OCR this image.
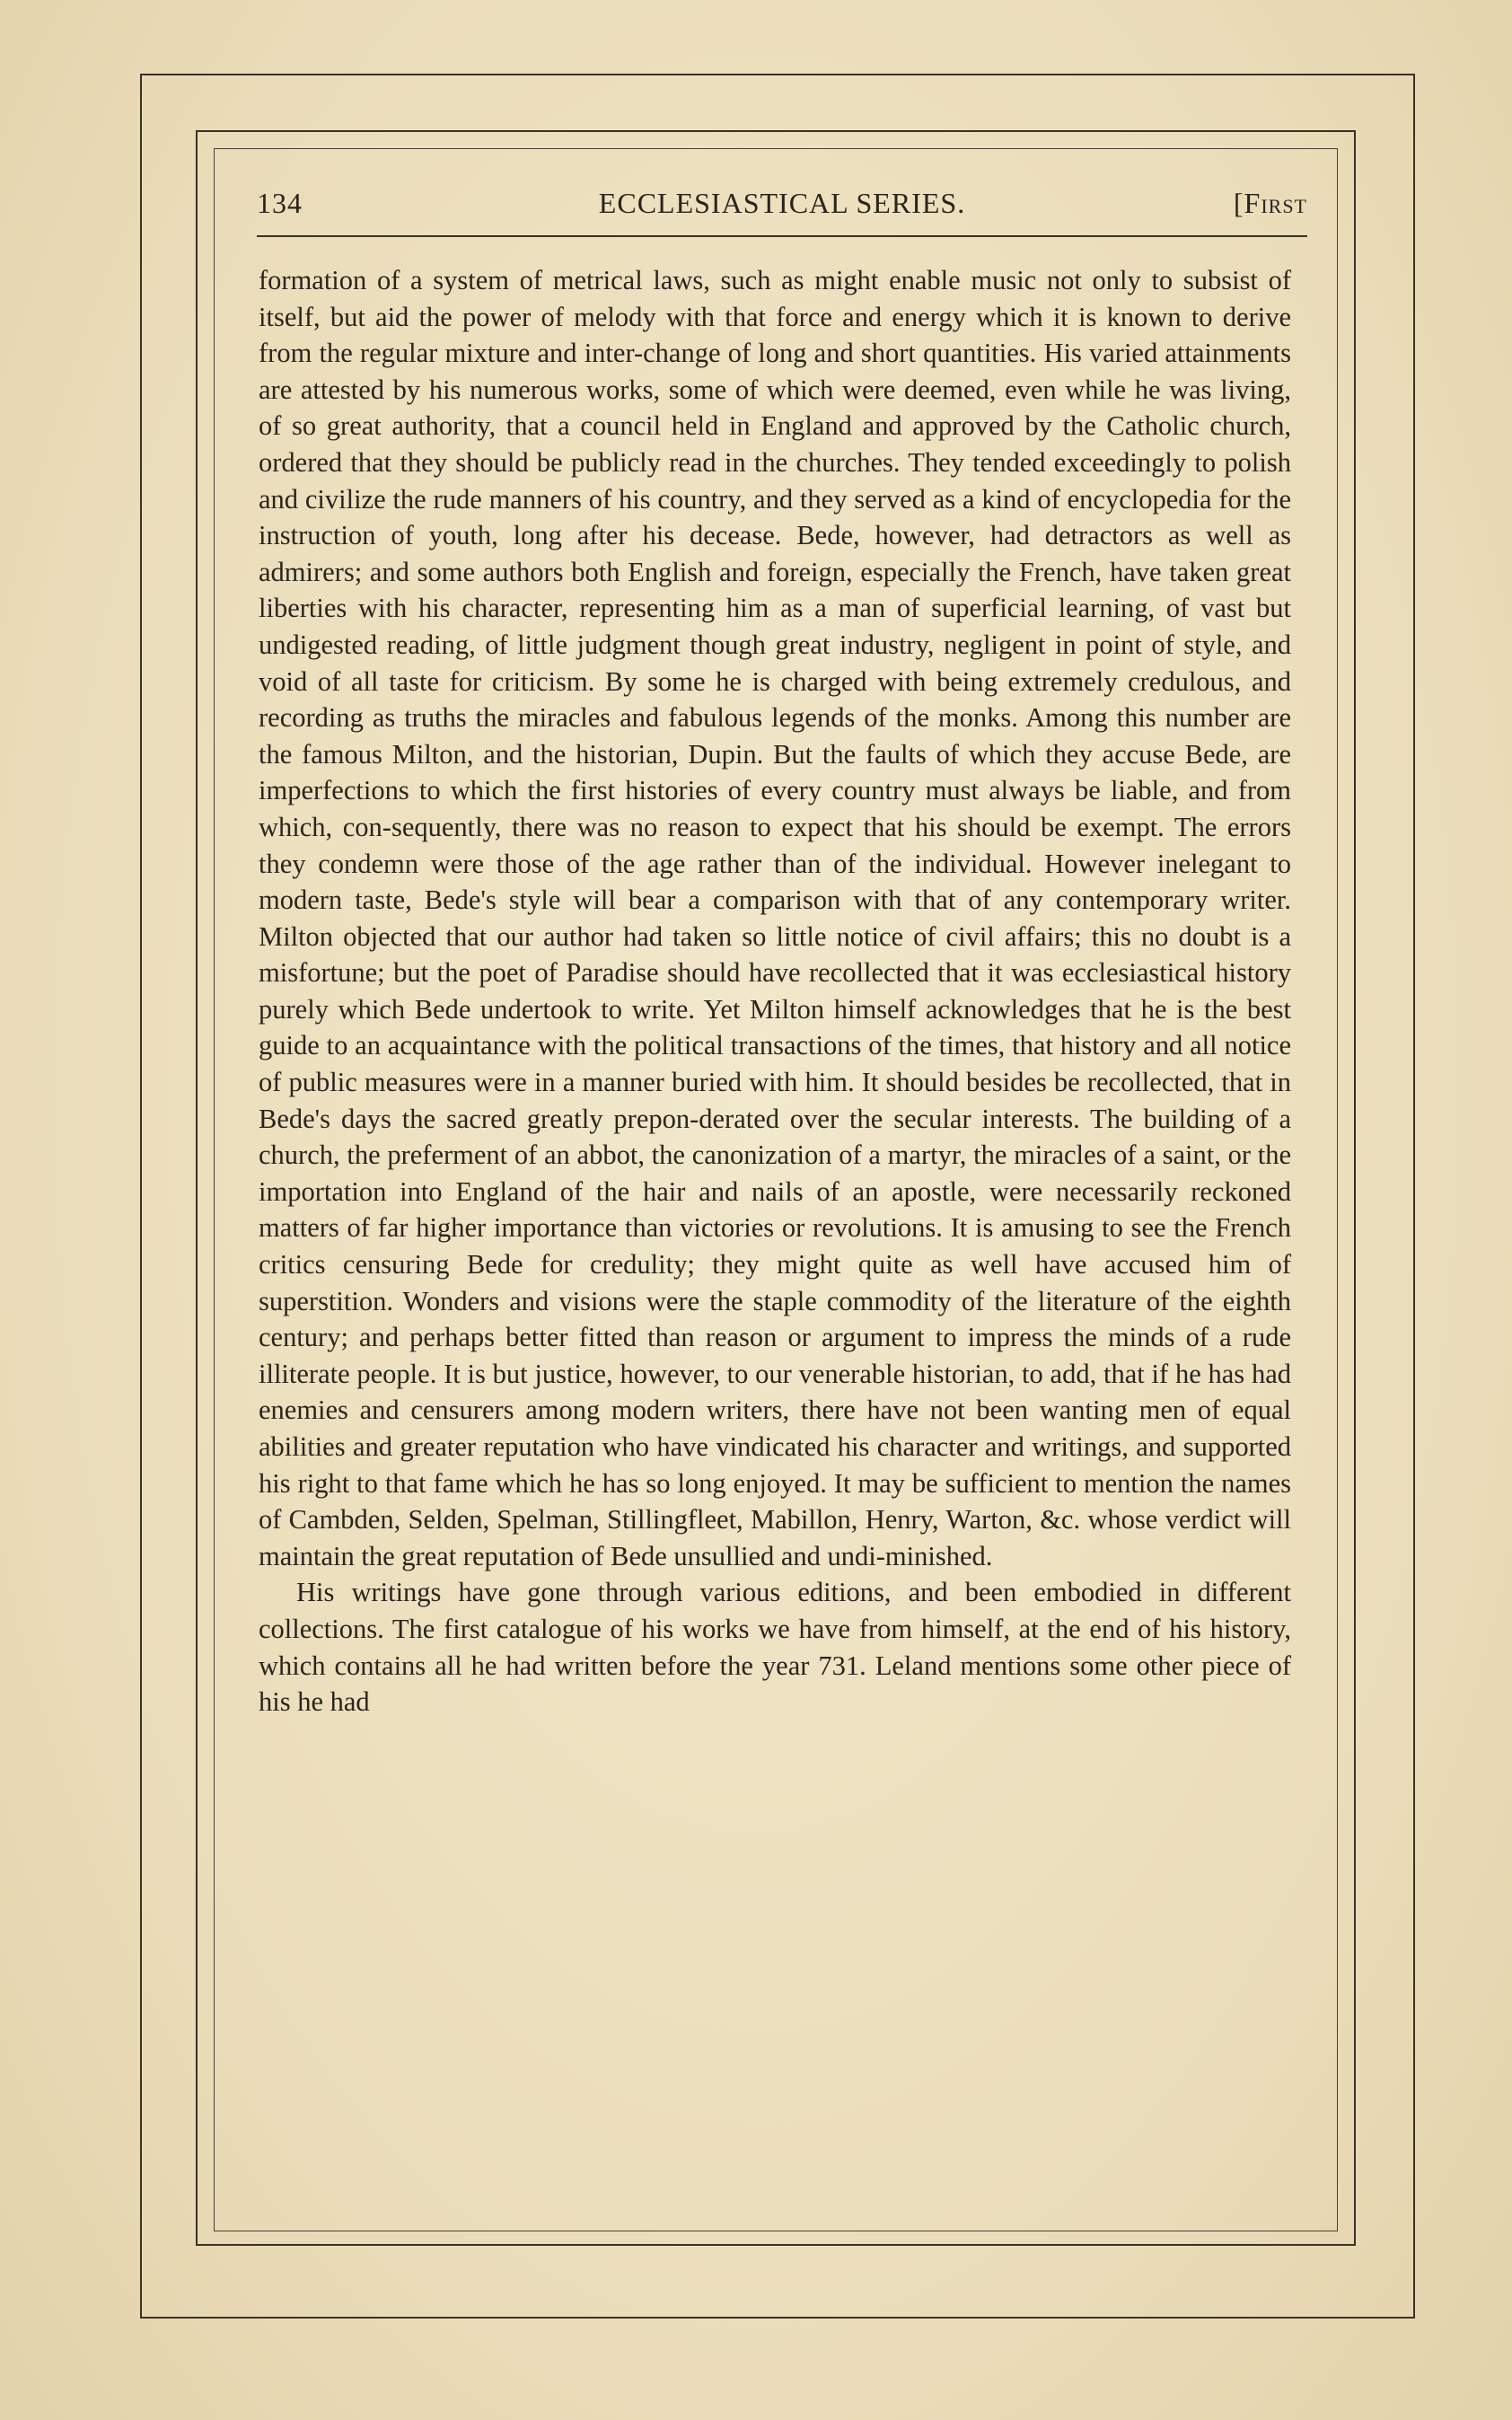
134	ECCLESIASTICAL SERIES.	[First

formation of a system of metrical laws, such as might enable music not only to subsist of itself, but aid the power of melody with that force and energy which it is known to derive from the regular mixture and inter-change of long and short quantities. His varied attainments are attested by his numerous works, some of which were deemed, even while he was living, of so great authority, that a council held in England and approved by the Catholic church, ordered that they should be publicly read in the churches. They tended exceedingly to polish and civilize the rude manners of his country, and they served as a kind of encyclopedia for the instruction of youth, long after his decease. Bede, however, had detractors as well as admirers; and some authors both English and foreign, especially the French, have taken great liberties with his character, representing him as a man of superficial learning, of vast but undigested reading, of little judgment though great industry, negligent in point of style, and void of all taste for criticism. By some he is charged with being extremely credulous, and recording as truths the miracles and fabulous legends of the monks. Among this number are the famous Milton, and the historian, Dupin. But the faults of which they accuse Bede, are imperfections to which the first histories of every country must always be liable, and from which, con-sequently, there was no reason to expect that his should be exempt. The errors they condemn were those of the age rather than of the individual. However inelegant to modern taste, Bede's style will bear a comparison with that of any contemporary writer. Milton objected that our author had taken so little notice of civil affairs; this no doubt is a misfortune; but the poet of Paradise should have recollected that it was ecclesiastical history purely which Bede undertook to write. Yet Milton himself acknowledges that he is the best guide to an acquaintance with the political transactions of the times, that history and all notice of public measures were in a manner buried with him. It should besides be recollected, that in Bede's days the sacred greatly prepon-derated over the secular interests. The building of a church, the preferment of an abbot, the canonization of a martyr, the miracles of a saint, or the importation into England of the hair and nails of an apostle, were necessarily reckoned matters of far higher importance than victories or revolutions. It is amusing to see the French critics censuring Bede for credulity; they might quite as well have accused him of superstition. Wonders and visions were the staple commodity of the literature of the eighth century; and perhaps better fitted than reason or argument to impress the minds of a rude illiterate people. It is but justice, however, to our venerable historian, to add, that if he has had enemies and censurers among modern writers, there have not been wanting men of equal abilities and greater reputation who have vindicated his character and writings, and supported his right to that fame which he has so long enjoyed. It may be sufficient to mention the names of Cambden, Selden, Spelman, Stillingfleet, Mabillon, Henry, Warton, &c. whose verdict will maintain the great reputation of Bede unsullied and undi-minished.

His writings have gone through various editions, and been embodied in different collections. The first catalogue of his works we have from himself, at the end of his history, which contains all he had written before the year 731. Leland mentions some other piece of his he had
